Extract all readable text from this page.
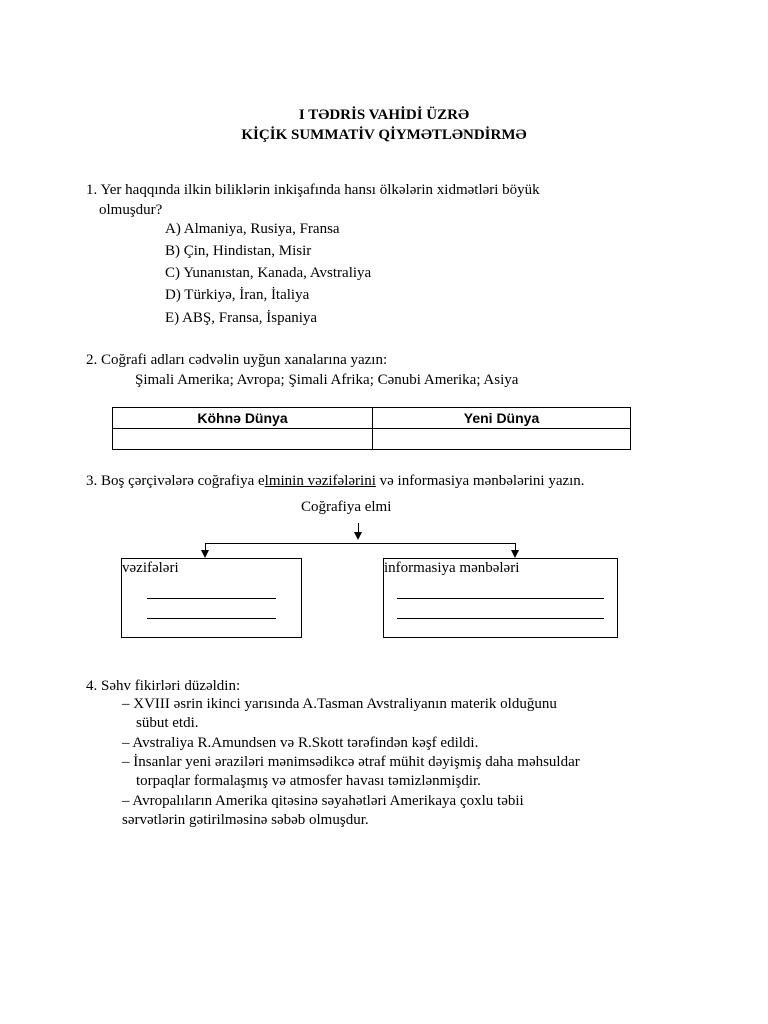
I TƏDRİS VAHİDİ ÜZRƏ
KİÇİK SUMMATİV QİYMƏTLƏNDİRMƏ
1. Yer haqqında ilkin biliklərin inkişafında hansı ölkələrin xidmətləri böyük
olmuşdur?
A) Almaniya, Rusiya, Fransa
B) Çin, Hindistan, Misir
C) Yunanıstan, Kanada, Avstraliya
D) Türkiyə, İran, İtaliya
E) ABŞ, Fransa, İspaniya
2. Coğrafi adları cədvəlin uyğun xanalarına yazın:
Şimali Amerika; Avropa; Şimali Afrika; Cənubi Amerika; Asiya
Köhnə Dünya	Yeni Dünya

3. Boş çərçivələrə coğrafiya elminin vəzifələrini və informasiya mənbələrini yazın.
Coğrafiya elmi
vəzifələri	informasiya mənbələri
4. Səhv fikirləri düzəldin:
– XVIII əsrin ikinci yarısında A.Tasman Avstraliyanın materik olduğunu
sübut etdi.
– Avstraliya R.Amundsen və R.Skott tərəfindən kəşf edildi.
– İnsanlar yeni əraziləri mənimsədikcə ətraf mühit dəyişmiş daha məhsuldar
torpaqlar formalaşmış və atmosfer havası təmizlənmişdir.
– Avropalıların Amerika qitəsinə səyahətləri Amerikaya çoxlu təbii
sərvətlərin gətirilməsinə səbəb olmuşdur.
